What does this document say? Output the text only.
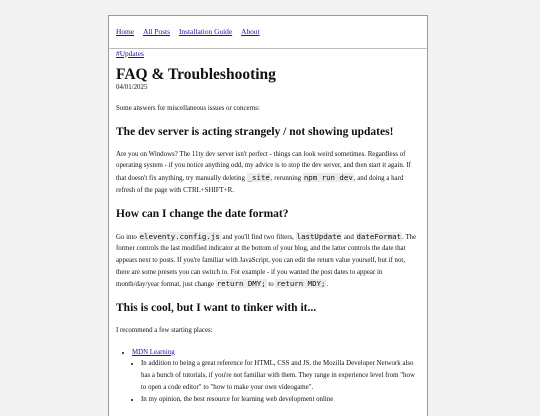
Home All Posts Installation Guide About
#Updates
FAQ & Troubleshooting
04/01/2025

Some answers for miscellaneous issues or concerns:

The dev server is acting strangely / not showing updates!

Are you on Windows? The 11ty dev server isn't perfect - things can look weird sometimes. Regardless of operating system - if you notice anything odd, my advice is to stop the dev server, and then start it again. If that doesn't fix anything, try manually deleting _site, rerunning npm run dev, and doing a hard refresh of the page with CTRL+SHIFT+R.

How can I change the date format?

Go into eleventy.config.js and you'll find two filters, lastUpdate and dateFormat. The former controls the last modified indicator at the bottom of your blog, and the latter controls the date that appears next to posts. If you're familiar with JavaScript, you can edit the return value yourself, but if not, there are some presets you can switch to. For example - if you wanted the post dates to appear in month/day/year format, just change return DMY; to return MDY;.

This is cool, but I want to tinker with it...

I recommend a few starting places:

• MDN Learning
• In addition to being a great reference for HTML, CSS and JS, the Mozilla Developer Network also has a bunch of tutorials, if you're not familiar with them. They range in experience level from "how to open a code editor" to "how to make your own videogame".
• In my opinion, the best resource for learning web development online
